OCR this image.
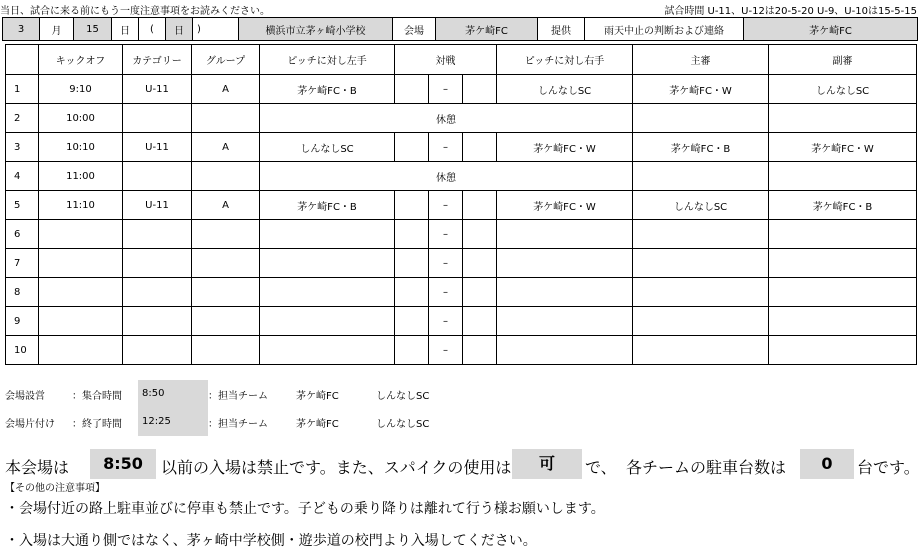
当日、試合に来る前にもう一度注意事項をお読みください。	試合時間 U-11、U-12は20-5-20 U-9、U-10は15-5-15
3	月	15	日	(	日	)	横浜市立茅ヶ崎小学校	会場	茅ケ崎FC	提供	雨天中止の判断および連絡	茅ケ崎FC
	キックオフ	カテゴリー	グループ	ピッチに対し左手	対戦			ピッチに対し右手	主審	副審
1	9:10	U-11	A	茅ケ崎FC・B		–		しんなしSC	茅ケ崎FC・W	しんなしSC
2	10:00			休憩						
3	10:10	U-11	A	しんなしSC		–		茅ケ崎FC・W	茅ケ崎FC・B	茅ケ崎FC・W
4	11:00			休憩						
5	11:10	U-11	A	茅ケ崎FC・B		–		茅ケ崎FC・W	しんなしSC	茅ケ崎FC・B
6						–				
7						–				
8						–				
9						–				
10						–				
会場設営	：集合時間	8:50	：担当チーム	茅ケ崎FC	しんなしSC
会場片付け ：終了時間	12:25	：担当チーム	茅ケ崎FC	しんなしSC
本会場は	8:50	以前の入場は禁止です。また、スパイクの使用は	可	で、 各チームの駐車台数は	0	台です。
【その他の注意事項】
・会場付近の路上駐車並びに停車も禁止です。子どもの乗り降りは離れて行う様お願いします。
・入場は大通り側ではなく、茅ヶ崎中学校側・遊歩道の校門より入場してください。
